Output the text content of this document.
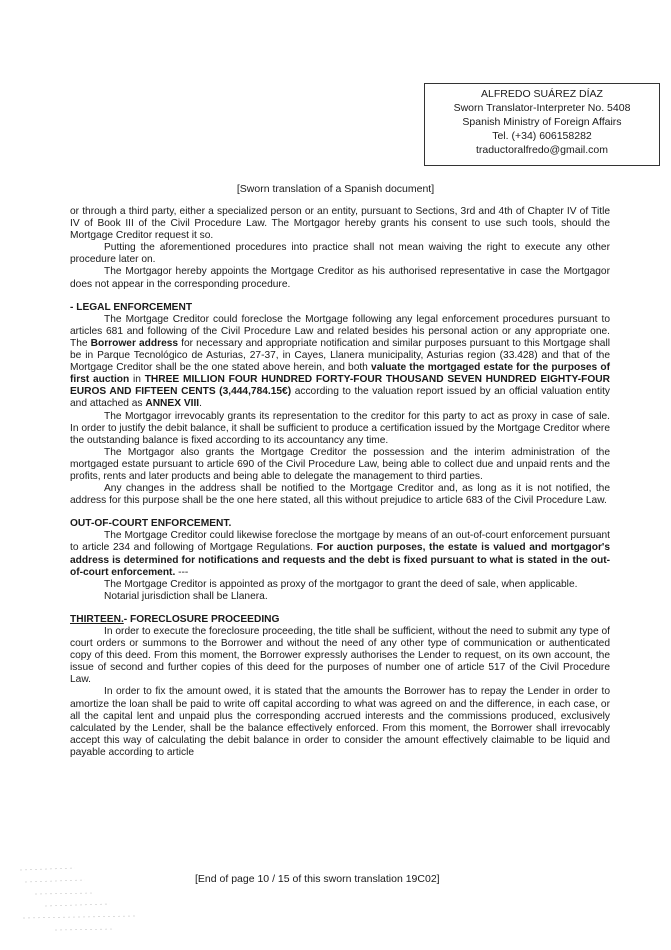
ALFREDO SUÁREZ DÍAZ
Sworn Translator-Interpreter No. 5408
Spanish Ministry of Foreign Affairs
Tel. (+34) 606158282
traductoralfredo@gmail.com
[Sworn translation of a Spanish document]

or through a third party, either a specialized person or an entity, pursuant to Sections, 3rd and 4th of Chapter IV of Title IV of Book III of the Civil Procedure Law. The Mortgagor hereby grants his consent to use such tools, should the Mortgage Creditor request it so.

Putting the aforementioned procedures into practice shall not mean waiving the right to execute any other procedure later on.

The Mortgagor hereby appoints the Mortgage Creditor as his authorised representative in case the Mortgagor does not appear in the corresponding procedure.

- LEGAL ENFORCEMENT

The Mortgage Creditor could foreclose the Mortgage following any legal enforcement procedures pursuant to articles 681 and following of the Civil Procedure Law and related besides his personal action or any appropriate one. The Borrower address for necessary and appropriate notification and similar purposes pursuant to this Mortgage shall be in Parque Tecnológico de Asturias, 27-37, in Cayes, Llanera municipality, Asturias region (33.428) and that of the Mortgage Creditor shall be the one stated above herein, and both valuate the mortgaged estate for the purposes of first auction in THREE MILLION FOUR HUNDRED FORTY-FOUR THOUSAND SEVEN HUNDRED EIGHTY-FOUR EUROS AND FIFTEEN CENTS (3,444,784.15€) according to the valuation report issued by an official valuation entity and attached as ANNEX VIII.

The Mortgagor irrevocably grants its representation to the creditor for this party to act as proxy in case of sale. In order to justify the debit balance, it shall be sufficient to produce a certification issued by the Mortgage Creditor where the outstanding balance is fixed according to its accountancy any time.

The Mortgagor also grants the Mortgage Creditor the possession and the interim administration of the mortgaged estate pursuant to article 690 of the Civil Procedure Law, being able to collect due and unpaid rents and the profits, rents and later products and being able to delegate the management to third parties.

Any changes in the address shall be notified to the Mortgage Creditor and, as long as it is not notified, the address for this purpose shall be the one here stated, all this without prejudice to article 683 of the Civil Procedure Law.

OUT-OF-COURT ENFORCEMENT.

The Mortgage Creditor could likewise foreclose the mortgage by means of an out-of-court enforcement pursuant to article 234 and following of Mortgage Regulations. For auction purposes, the estate is valued and mortgagor's address is determined for notifications and requests and the debt is fixed pursuant to what is stated in the out-of-court enforcement. ---

The Mortgage Creditor is appointed as proxy of the mortgagor to grant the deed of sale, when applicable.

Notarial jurisdiction shall be Llanera.

THIRTEEN.- FORECLOSURE PROCEEDING

In order to execute the foreclosure proceeding, the title shall be sufficient, without the need to submit any type of court orders or summons to the Borrower and without the need of any other type of communication or authenticated copy of this deed. From this moment, the Borrower expressly authorises the Lender to request, on its own account, the issue of second and further copies of this deed for the purposes of number one of article 517 of the Civil Procedure Law.

In order to fix the amount owed, it is stated that the amounts the Borrower has to repay the Lender in order to amortize the loan shall be paid to write off capital according to what was agreed on and the difference, in each case, or all the capital lent and unpaid plus the corresponding accrued interests and the commissions produced, exclusively calculated by the Lender, shall be the balance effectively enforced. From this moment, the Borrower shall irrevocably accept this way of calculating the debit balance in order to consider the amount effectively claimable to be liquid and payable according to article

[End of page 10 / 15 of this sworn translation 19C02]
